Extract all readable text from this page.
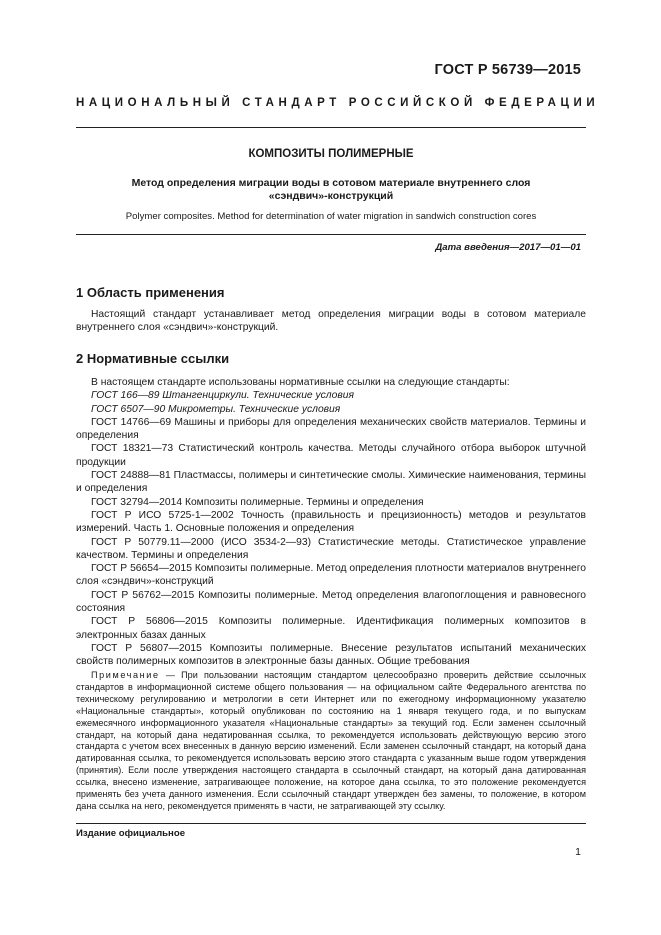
ГОСТ Р 56739—2015
НАЦИОНАЛЬНЫЙ СТАНДАРТ РОССИЙСКОЙ ФЕДЕРАЦИИ
КОМПОЗИТЫ ПОЛИМЕРНЫЕ
Метод определения миграции воды в сотовом материале внутреннего слоя «сэндвич»-конструкций
Polymer composites. Method for determination of water migration in sandwich construction cores
Дата введения—2017—01—01
1 Область применения
Настоящий стандарт устанавливает метод определения миграции воды в сотовом материале внутреннего слоя «сэндвич»-конструкций.
2 Нормативные ссылки

В настоящем стандарте использованы нормативные ссылки на следующие стандарты:

ГОСТ 166—89 Штангенциркули. Технические условия

ГОСТ 6507—90 Микрометры. Технические условия

ГОСТ 14766—69 Машины и приборы для определения механических свойств материалов. Термины и определения

ГОСТ 18321—73 Статистический контроль качества. Методы случайного отбора выборок штучной продукции

ГОСТ 24888—81 Пластмассы, полимеры и синтетические смолы. Химические наименования, термины и определения

ГОСТ 32794—2014 Композиты полимерные. Термины и определения

ГОСТ Р ИСО 5725-1—2002 Точность (правильность и прецизионность) методов и результатов измерений. Часть 1. Основные положения и определения

ГОСТ Р 50779.11—2000 (ИСО 3534-2—93) Статистические методы. Статистическое управление качеством. Термины и определения

ГОСТ Р 56654—2015 Композиты полимерные. Метод определения плотности материалов внутреннего слоя «сэндвич»-конструкций

ГОСТ Р 56762—2015 Композиты полимерные. Метод определения влагопоглощения и равновесного состояния

ГОСТ Р 56806—2015 Композиты полимерные. Идентификация полимерных композитов в электронных базах данных

ГОСТ Р 56807—2015 Композиты полимерные. Внесение результатов испытаний механических свойств полимерных композитов в электронные базы данных. Общие требования

Примечание — При пользовании настоящим стандартом целесообразно проверить действие ссылочных стандартов в информационной системе общего пользования — на официальном сайте Федерального агентства по техническому регулированию и метрологии в сети Интернет или по ежегодному информационному указателю «Национальные стандарты», который опубликован по состоянию на 1 января текущего года, и по выпускам ежемесячного информационного указателя «Национальные стандарты» за текущий год. Если заменен ссылочный стандарт, на который дана недатированная ссылка, то рекомендуется использовать действующую версию этого стандарта с учетом всех внесенных в данную версию изменений. Если заменен ссылочный стандарт, на который дана датированная ссылка, то рекомендуется использовать версию этого стандарта с указанным выше годом утверждения (принятия). Если после утверждения настоящего стандарта в ссылочный стандарт, на который дана датированная ссылка, внесено изменение, затрагивающее положение, на которое дана ссылка, то это положение рекомендуется применять без учета данного изменения. Если ссылочный стандарт утвержден без замены, то положение, в котором дана ссылка на него, рекомендуется применять в части, не затрагивающей эту ссылку.
Издание официальное
1
